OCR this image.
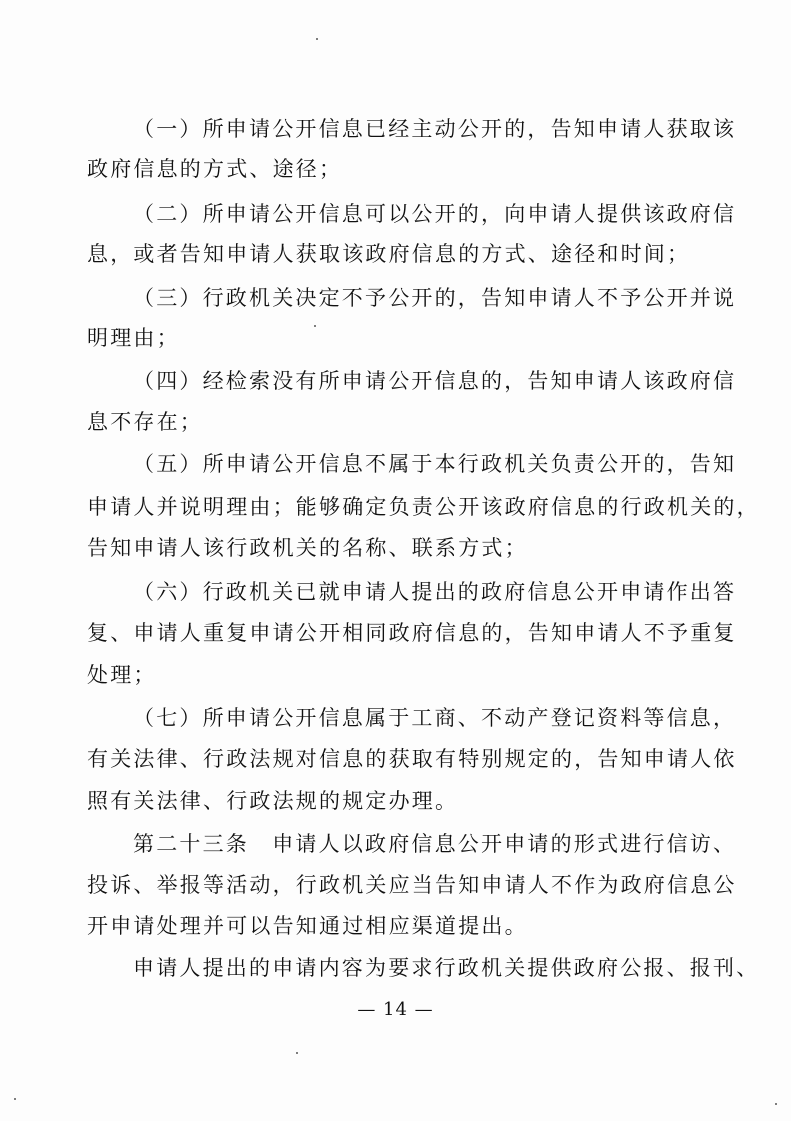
（一）所申请公开信息已经主动公开的，告知申请人获取该
政府信息的方式、途径；
（二）所申请公开信息可以公开的，向申请人提供该政府信
息，或者告知申请人获取该政府信息的方式、途径和时间；
（三）行政机关决定不予公开的，告知申请人不予公开并说
明理由；
（四）经检索没有所申请公开信息的，告知申请人该政府信
息不存在；
（五）所申请公开信息不属于本行政机关负责公开的，告知
申请人并说明理由；能够确定负责公开该政府信息的行政机关的，
告知申请人该行政机关的名称、联系方式；
（六）行政机关已就申请人提出的政府信息公开申请作出答
复、申请人重复申请公开相同政府信息的，告知申请人不予重复
处理；
（七）所申请公开信息属于工商、不动产登记资料等信息，
有关法律、行政法规对信息的获取有特别规定的，告知申请人依
照有关法律、行政法规的规定办理。
第二十三条　申请人以政府信息公开申请的形式进行信访、
投诉、举报等活动，行政机关应当告知申请人不作为政府信息公
开申请处理并可以告知通过相应渠道提出。
申请人提出的申请内容为要求行政机关提供政府公报、报刊、
— 14 —
